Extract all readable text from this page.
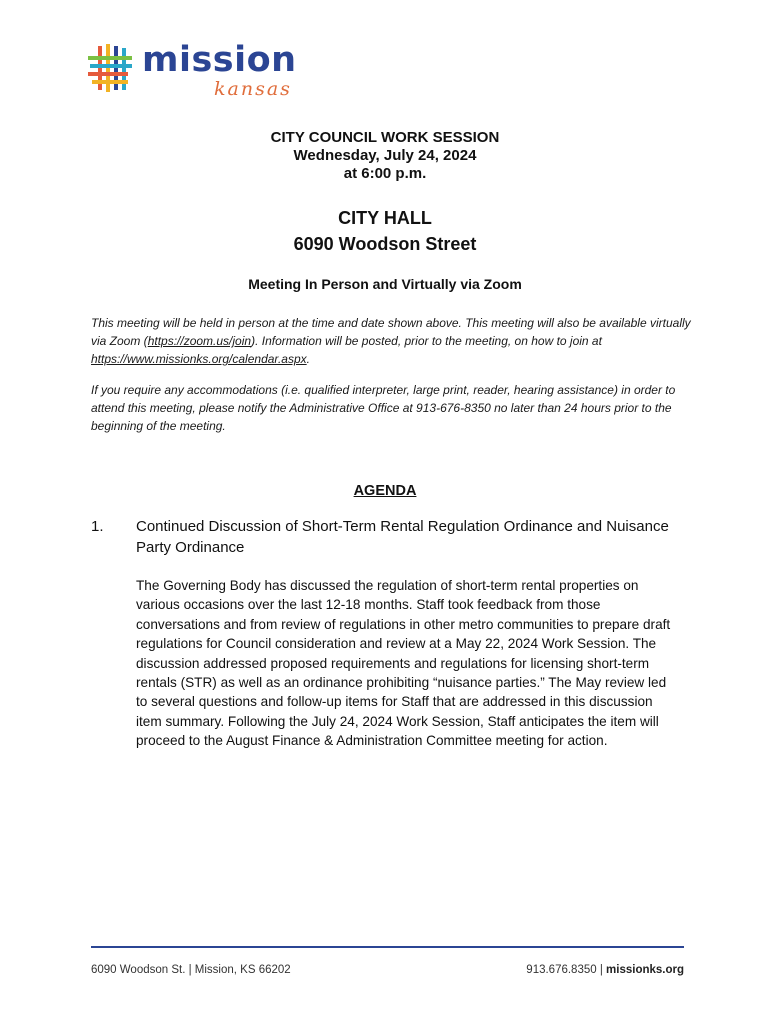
mission
kansas
CITY COUNCIL WORK SESSION
Wednesday, July 24, 2024
at 6:00 p.m.
CITY HALL
6090 Woodson Street
Meeting In Person and Virtually via Zoom
This meeting will be held in person at the time and date shown above. This meeting will also be available virtually via Zoom (https://zoom.us/join). Information will be posted, prior to the meeting, on how to join at https://www.missionks.org/calendar.aspx.
If you require any accommodations (i.e. qualified interpreter, large print, reader, hearing assistance) in order to attend this meeting, please notify the Administrative Office at 913-676-8350 no later than 24 hours prior to the beginning of the meeting.
AGENDA
1. Continued Discussion of Short-Term Rental Regulation Ordinance and Nuisance Party Ordinance
The Governing Body has discussed the regulation of short-term rental properties on various occasions over the last 12-18 months. Staff took feedback from those conversations and from review of regulations in other metro communities to prepare draft regulations for Council consideration and review at a May 22, 2024 Work Session. The discussion addressed proposed requirements and regulations for licensing short-term rentals (STR) as well as an ordinance prohibiting “nuisance parties.” The May review led to several questions and follow-up items for Staff that are addressed in this discussion item summary. Following the July 24, 2024 Work Session, Staff anticipates the item will proceed to the August Finance & Administration Committee meeting for action.
6090 Woodson St. | Mission, KS 66202	913.676.8350 | missionks.org
